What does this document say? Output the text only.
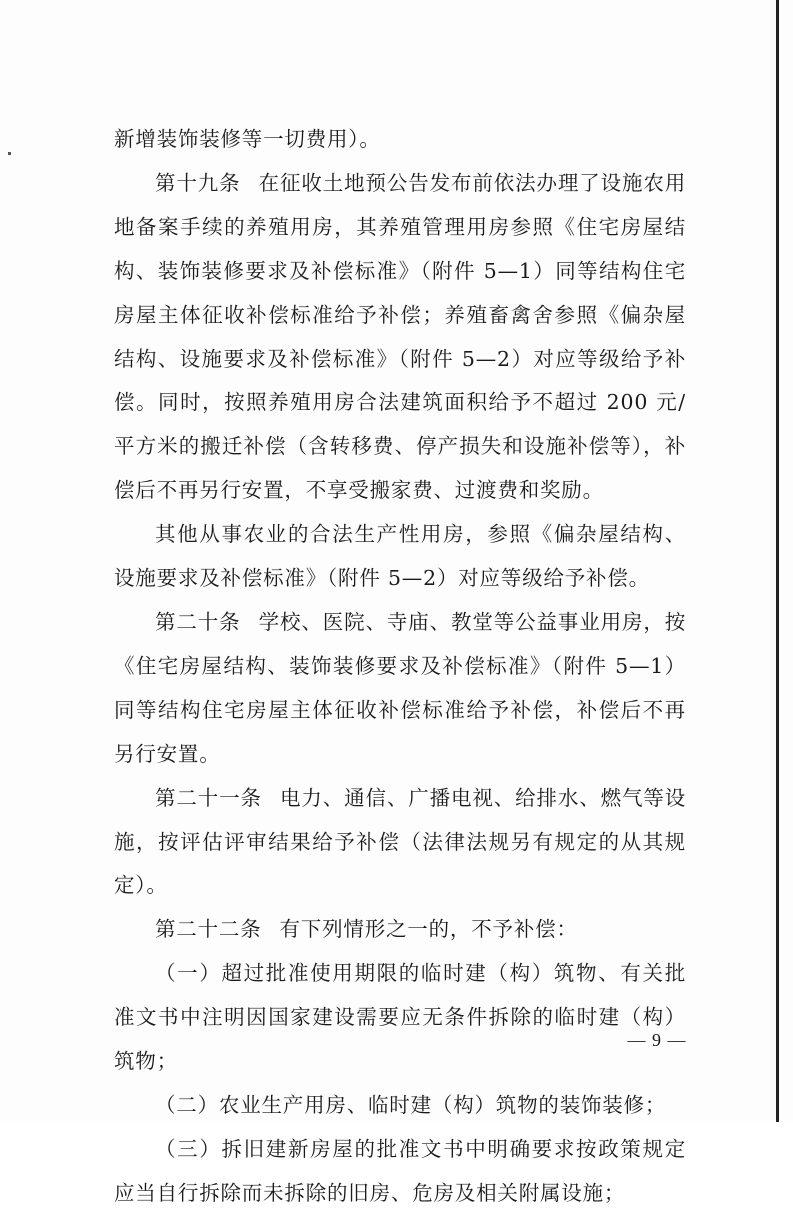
新增装饰装修等一切费用）。

第十九条 在征收土地预公告发布前依法办理了设施农用地备案手续的养殖用房，其养殖管理用房参照《住宅房屋结构、装饰装修要求及补偿标准》（附件 5—1）同等结构住宅房屋主体征收补偿标准给予补偿；养殖畜禽舍参照《偏杂屋结构、设施要求及补偿标准》（附件 5—2）对应等级给予补偿。同时，按照养殖用房合法建筑面积给予不超过 200 元/平方米的搬迁补偿（含转移费、停产损失和设施补偿等），补偿后不再另行安置，不享受搬家费、过渡费和奖励。

其他从事农业的合法生产性用房，参照《偏杂屋结构、设施要求及补偿标准》（附件 5—2）对应等级给予补偿。

第二十条 学校、医院、寺庙、教堂等公益事业用房，按《住宅房屋结构、装饰装修要求及补偿标准》（附件 5—1）同等结构住宅房屋主体征收补偿标准给予补偿，补偿后不再另行安置。

第二十一条 电力、通信、广播电视、给排水、燃气等设施，按评估评审结果给予补偿（法律法规另有规定的从其规定）。

第二十二条 有下列情形之一的，不予补偿：

（一）超过批准使用期限的临时建（构）筑物、有关批准文书中注明因国家建设需要应无条件拆除的临时建（构）筑物；

（二）农业生产用房、临时建（构）筑物的装饰装修；

（三）拆旧建新房屋的批准文书中明确要求按政策规定应当自行拆除而未拆除的旧房、危房及相关附属设施；

— 9 —
